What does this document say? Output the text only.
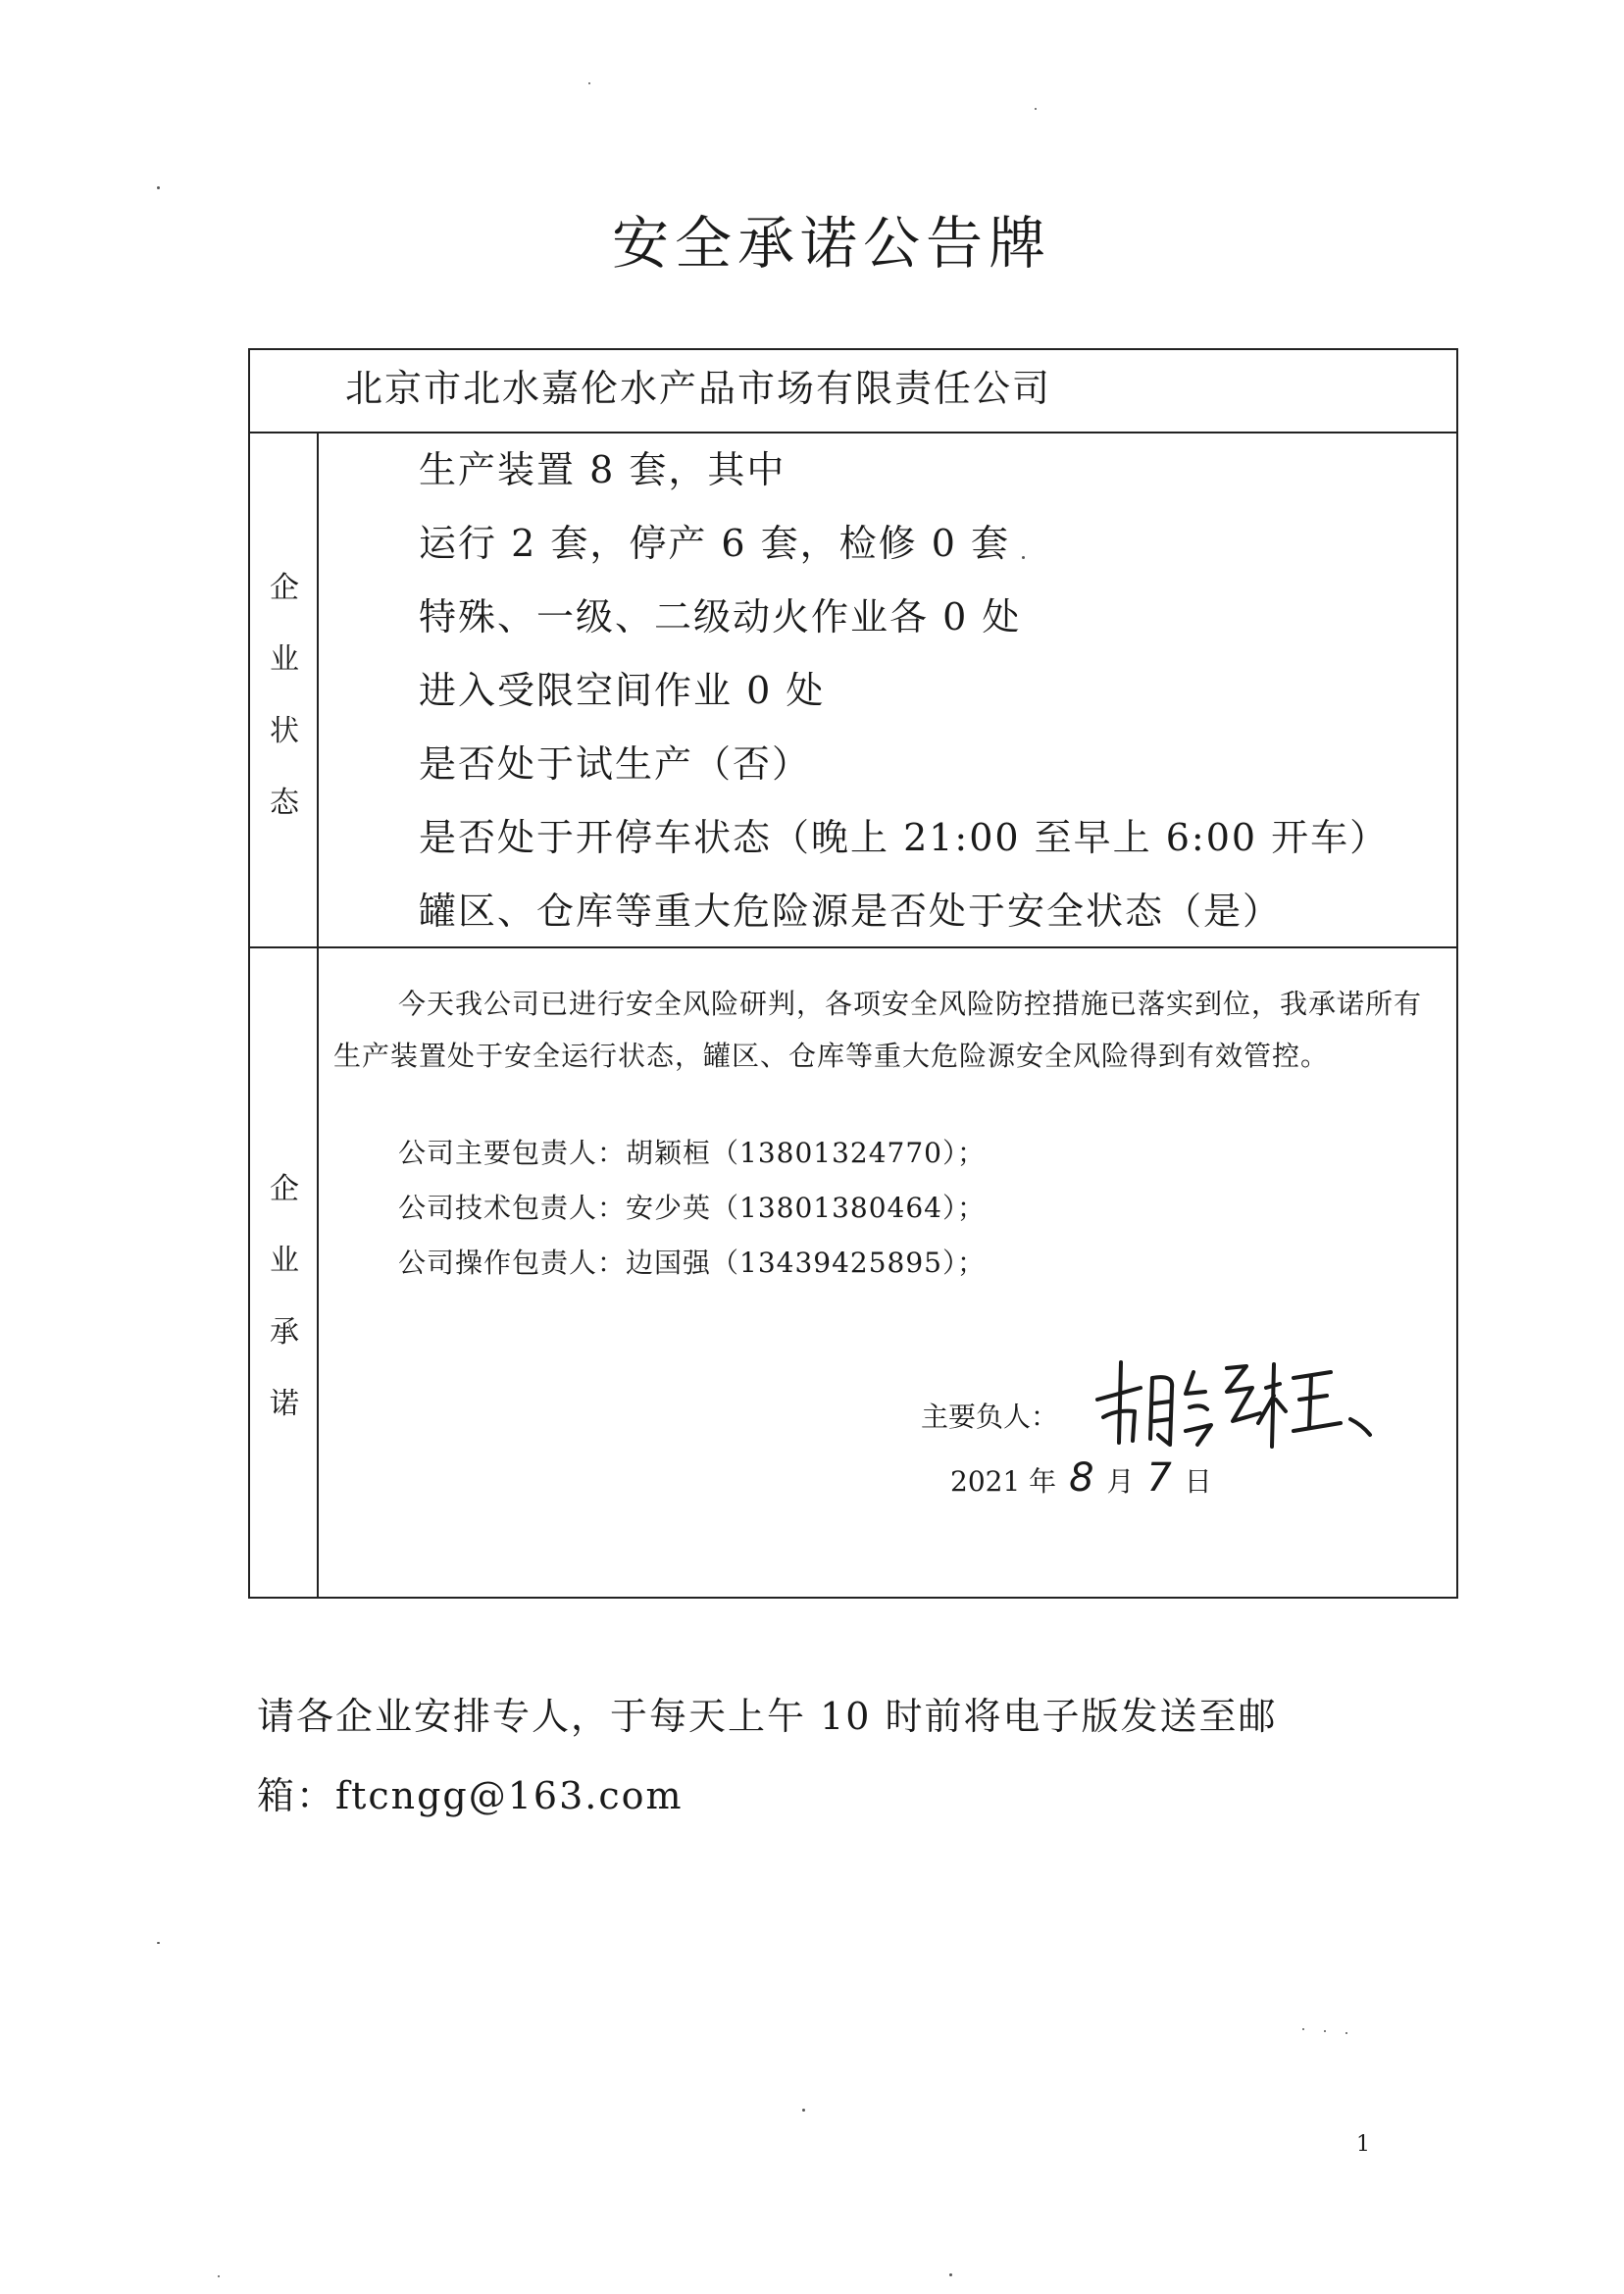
安全承诺公告牌
北京市北水嘉伦水产品市场有限责任公司
企
业
状
态
生产装置 8 套，其中
运行 2 套，停产 6 套，检修 0 套
特殊、一级、二级动火作业各 0 处
进入受限空间作业 0 处
是否处于试生产（否）
是否处于开停车状态（晚上 21:00 至早上 6:00 开车）
罐区、仓库等重大危险源是否处于安全状态（是）
企
业
承
诺
今天我公司已进行安全风险研判，各项安全风险防控措施已落实到位，我承诺所有生产装置处于安全运行状态，罐区、仓库等重大危险源安全风险得到有效管控。
公司主要包责人：胡颖桓（13801324770）；
公司技术包责人：安少英（13801380464）；
公司操作包责人：边国强（13439425895）；
主要负人：
2021 年 8 月 7 日
请各企业安排专人，于每天上午 10 时前将电子版发送至邮
箱：ftcngg@163.com
1
